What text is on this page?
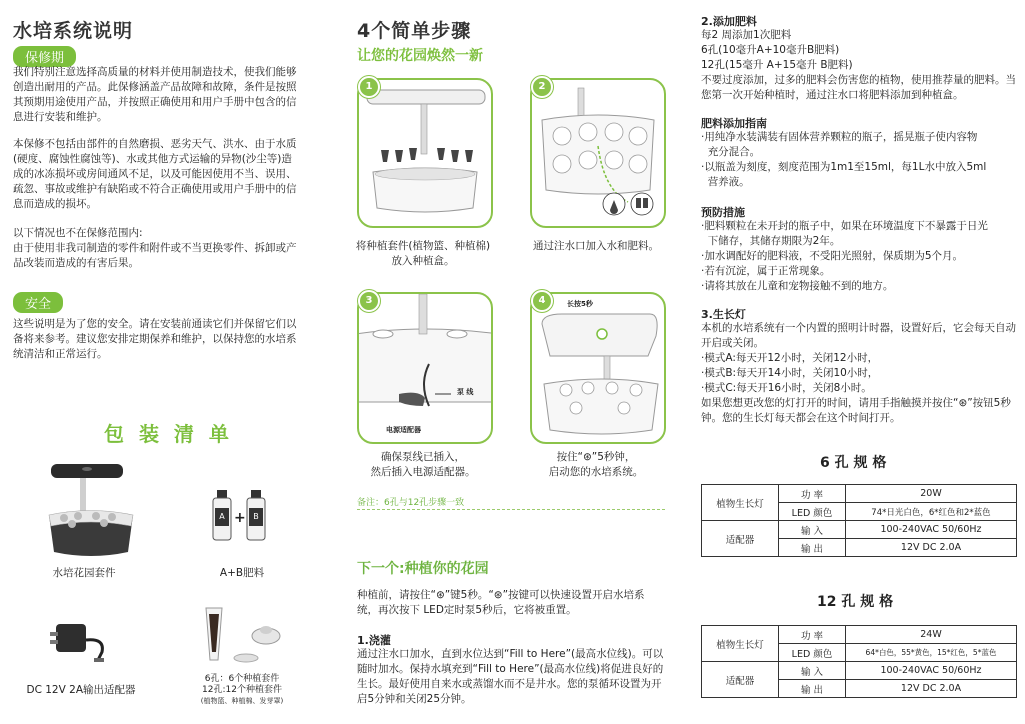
水培系统说明
保修期
我们特别注意选择高质量的材料并使用制造技术，使我们能够创造出耐用的产品。此保修涵盖产品故障和故障，条件是按照其预期用途使用产品，并按照正确使用和用户手册中包含的信息进行安装和维护。
本保修不包括由部件的自然磨损、恶劣天气、洪水、由于水质(硬度、腐蚀性腐蚀等)、水或其他方式运输的异物(沙尘等)造成的冰冻损坏或房间通风不足，以及可能因使用不当、误用、疏忽、事故或维护有缺陷或不符合正确使用或用户手册中的信息而造成的损坏。
以下情况也不在保修范围内:
由于使用非我司制造的零件和附件或不当更换零件、拆卸或产品改装而造成的有害后果。
安全
这些说明是为了您的安全。请在安装前通读它们并保留它们以备将来参考。建议您安排定期保养和维护，以保持您的水培系统清洁和正常运行。
包 装 清 单
水培花园套件
A	B
+
A+B肥料
DC 12V 2A输出适配器
6孔：6个种植套件
12孔:12个种植套件
(植物篮、种植棉、发芽罩)
4个简单步骤
让您的花园焕然一新
1
将种植套件(植物篮、种植棉)
放入种植盒。
2
通过注水口加入水和肥料。
3
泵 线
电源适配器
确保泵线已插入，
然后插入电源适配器。
4	长按5秒
按住“⊛”5秒钟，
启动您的水培系统。
备注：6孔与12孔步骤一致
下一个:种植你的花园
种植前，请按住“⊛”键5秒。“⊛”按键可以快速设置开启水培系统，再次按下 LED定时泵5秒后，它将被重置。
1.浇灌
通过注水口加水，直到水位达到“Fill to Here”(最高水位线)。可以随时加水。保持水填充到“Fill to Here”(最高水位线)将促进良好的生长。最好使用自来水或蒸馏水而不是井水。您的泵循环设置为开启5分钟和关闭25分钟。
2.添加肥料
每2 周添加1次肥料
6孔(10毫升A+10毫升B肥料)
12孔(15毫升 A+15毫升 B肥料)
不要过度添加，过多的肥料会伤害您的植物，使用推荐量的肥料。当您第一次开始种植时，通过注水口将肥料添加到种植盒。
肥料添加指南
·用纯净水装满装有固体营养颗粒的瓶子，摇晃瓶子使内容物
充分混合。
·以瓶盖为刻度，刻度范围为1m1至15ml，每1L水中放入5ml
营养液。
预防措施
·肥料颗粒在未开封的瓶子中，如果在环境温度下不暴露于日光
下储存，其储存期限为2年。
·加水调配好的肥料液，不受阳光照射，保质期为5个月。
·若有沉淀，属于正常现象。
·请将其放在儿童和宠物接触不到的地方。
3.生长灯
本机的水培系统有一个内置的照明计时器，设置好后，它会每天自动开启或关闭。
·模式A:每天开12小时，关闭12小时，
·模式B:每天开14小时，关闭10小时，
·模式C:每天开16小时，关闭8小时。
如果您想更改您的灯打开的时间，请用手指触摸并按住“⊛”按钮5秒钟。您的生长灯每天都会在这个时间打开。
6 孔 规 格
植物生长灯	功 率	20W
	LED 颜色	74*日光白色，6*红色和2*蓝色
适配器	输 入	100-240VAC 50/60Hz
	输 出	12V DC 2.0A
12 孔 规 格
植物生长灯	功 率	24W
	LED 颜色	64*白色，55*黄色，15*红色，5*蓝色
适配器	输 入	100-240VAC 50/60Hz
	输 出	12V DC 2.0A
